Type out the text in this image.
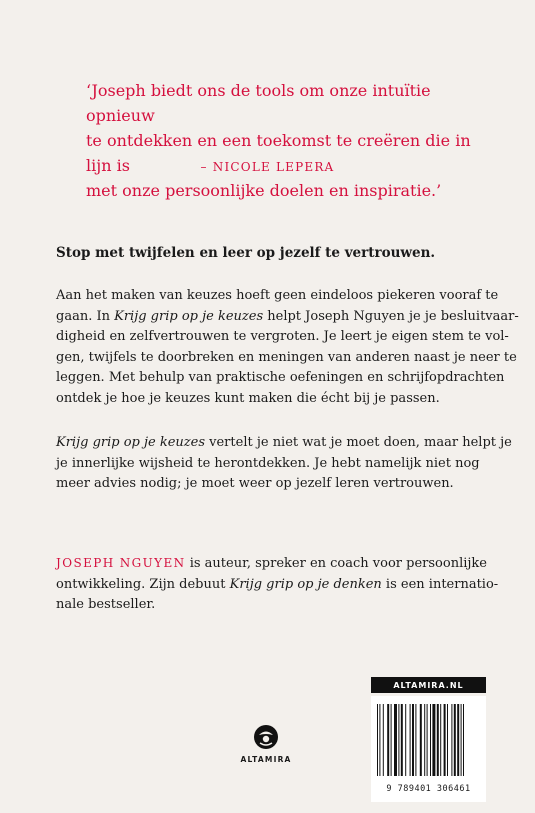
‘Joseph biedt ons de tools om onze intuïtie opnieuw
te ontdekken en een toekomst te creëren die in lijn is
met onze persoonlijke doelen en inspiratie.’
– NICOLE LEPERA
Stop met twijfelen en leer op jezelf te vertrouwen.
Aan het maken van keuzes hoeft geen eindeloos piekeren vooraf te
gaan. In Krijg grip op je keuzes helpt Joseph Nguyen je je besluitvaar-
digheid en zelfvertrouwen te vergroten. Je leert je eigen stem te vol-
gen, twijfels te doorbreken en meningen van anderen naast je neer te
leggen. Met behulp van praktische oefeningen en schrijfopdrachten
ontdek je hoe je keuzes kunt maken die écht bij je passen.
Krijg grip op je keuzes vertelt je niet wat je moet doen, maar helpt je
je innerlijke wijsheid te herontdekken. Je hebt namelijk niet nog
meer advies nodig; je moet weer op jezelf leren vertrouwen.
JOSEPH NGUYEN is auteur, spreker en coach voor persoonlijke
ontwikkeling. Zijn debuut Krijg grip op je denken is een internatio-
nale bestseller.
ALTAMIRA.NL
ALTAMIRA
9 789401 306461
